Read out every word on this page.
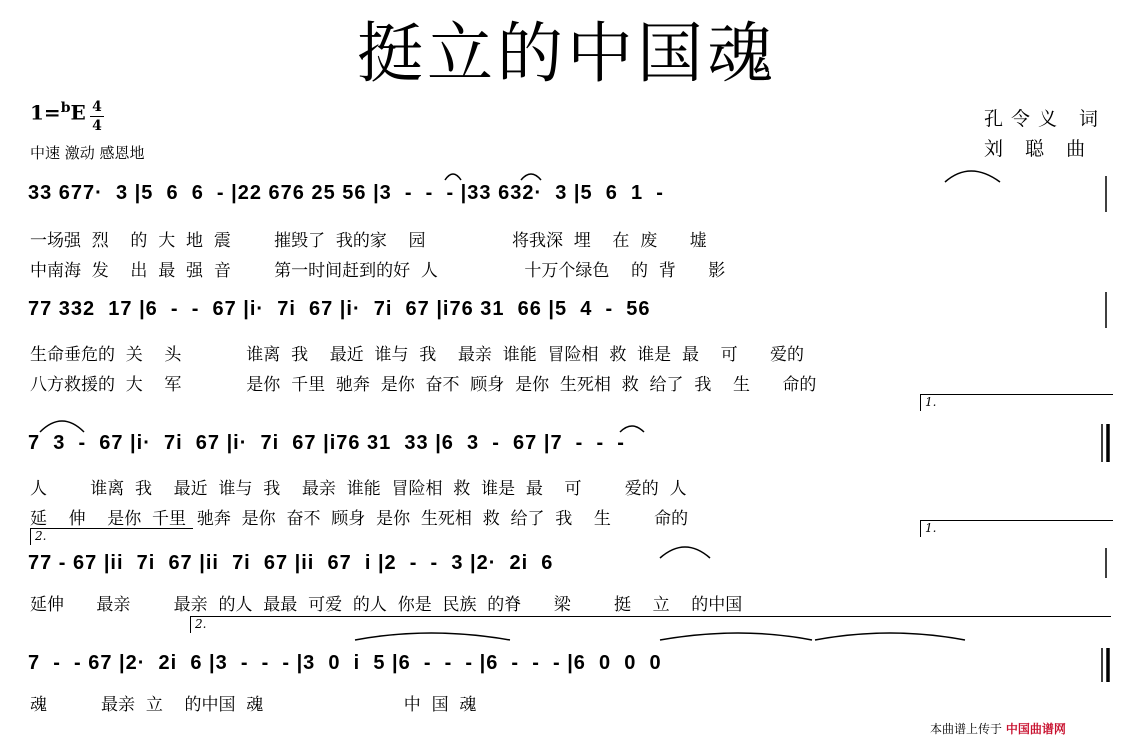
挺立的中国魂
1=$^b$E 4
4
中速 激动 感恩地
孔令义 词
刘 聪 曲
33 677·  3 |5  6  6  - |22 676 25 56 |3  -  -  - |33 632·  3 |5  6  1  -
一场强  烈    的  大  地  震        摧毁了  我的家    园                将我深  埋    在  废      墟
中南海  发    出  最  强  音        第一时间赶到的好  人                十万个绿色    的  背      影
77 332  17 |6  -  -  67 |i·  7i  67 |i·  7i  67 |i76 31  66 |5  4  -  56
生命垂危的  关    头            谁离  我    最近  谁与  我    最亲  谁能  冒险相  救  谁是  最    可      爱的
八方救援的  大    军            是你  千里  驰奔  是你  奋不  顾身  是你  生死相  救  给了  我    生      命的
1.
7  3  -  67 |i·  7i  67 |i·  7i  67 |i76 31  33 |6  3  -  67 |7  -  -  -
人        谁离  我    最近  谁与  我    最亲  谁能  冒险相  救  谁是  最    可        爱的  人
延    伸    是你  千里  驰奔  是你  奋不  顾身  是你  生死相  救  给了  我    生        命的
2.
1.
77 - 67 |ii  7i  67 |ii  7i  67 |ii  67  i |2  -  -  3 |2·  2i  6
延伸      最亲        最亲  的人  最最  可爱  的人  你是  民族  的脊      梁        挺    立    的中国
2.
7  -  - 67 |2·  2i  6 |3  -  -  - |3  0  i  5 |6  -  -  - |6  -  -  - |6  0  0  0
魂          最亲  立    的中国  魂                          中  国  魂
本曲谱上传于 中国曲谱网
